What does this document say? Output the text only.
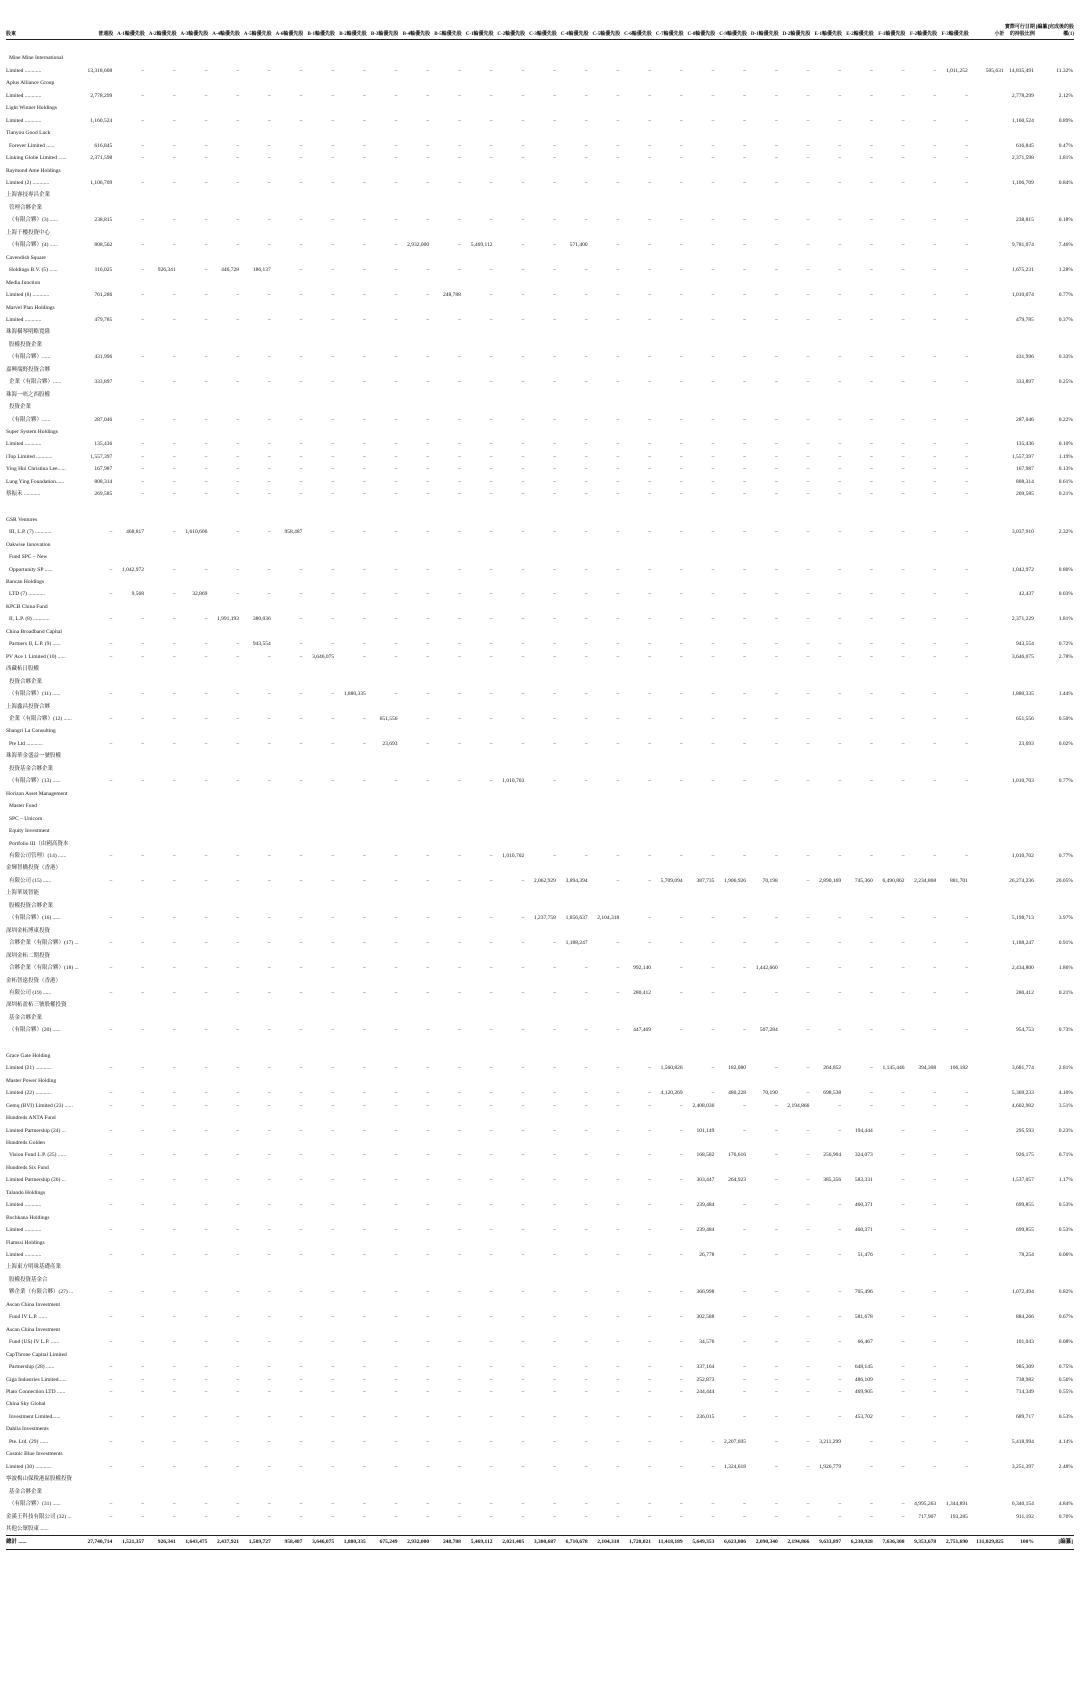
股東	普通股	A-1輪優先股	A-2輪優先股	A-3輪優先股	A-4輪優先股	A-5輪優先股	A-6輪優先股	B-1輪優先股	B-2輪優先股	B-3輪優先股	B-4輪優先股	B-5輪優先股	C-1輪優先股	C-2輪優先股	C-3輪優先股	C-4輪優先股	C-5輪優先股	C-6輪優先股	C-7輪優先股	C-8輪優先股	C-9輪優先股	D-1輪優先股	D-2輪優先股	E-1輪優先股	E-2輪優先股	F-1輪優先股	F-2輪優先股	F-3輪優先股	小計	實際可行日期的持股比例	[編纂]完成後的股權(1)

Mine Mine International																															
Limited ............	13,318,608	–	–	–	–	–	–	–	–	–	–	–	–	–	–	–	–	–	–	–	–	–	–	–	–	–	–	1,011,252	505,631	14,835,491	11.32%
Aplus Alliance Group																															
Limited ............	2,778,299	–	–	–	–	–	–	–	–	–	–	–	–	–	–	–	–	–	–	–	–	–	–	–	–	–	–	–		2,778,299	2.12%
Light Winner Holdings																															
Limited ............	1,160,524	–	–	–	–	–	–	–	–	–	–	–	–	–	–	–	–	–	–	–	–	–	–	–	–	–	–	–		1,160,524	0.89%
Tianyou Good Luck																															
Forever Limited ......	616,845	–	–	–	–	–	–	–	–	–	–	–	–	–	–	–	–	–	–	–	–	–	–	–	–	–	–	–		616,845	0.47%
Linking Globe Limited ......	2,371,598	–	–	–	–	–	–	–	–	–	–	–	–	–	–	–	–	–	–	–	–	–	–	–	–	–	–	–		2,371,598	1.81%
Raymond Ame Holdings																															
Limited (2) ............	1,106,709	–	–	–	–	–	–	–	–	–	–	–	–	–	–	–	–	–	–	–	–	–	–	–	–	–	–	–		1,106,709	0.84%
上海睿技專昌企業																															
管理合夥企業																															
（有限合夥）(3) ......	238,815	–	–	–	–	–	–	–	–	–	–	–	–	–	–	–	–	–	–	–	–	–	–	–	–	–	–	–		238,815	0.18%
上海千樓投資中心																															
（有限合夥）(4) ......	808,562	–	–	–	–	–	–	–	–	–	2,932,000	–	5,469,112	–	–	571,400	–	–	–	–	–	–	–	–	–	–	–	–		9,781,074	7.46%
Cavendish Square																															
Holdings B.V. (5) ......	116,025	–	926,341	–	446,728	186,137	–	–	–	–	–	–	–	–	–	–	–	–	–	–	–	–	–	–	–	–	–	–		1,675,231	1.28%
Media Junction																															
Limited (6) ............	761,286	–	–	–	–	–	–	–	–	–	–	248,788	–	–	–	–	–	–	–	–	–	–	–	–	–	–	–	–		1,010,074	0.77%
Marvel Plan Holdings																															
Limited ............	479,785	–	–	–	–	–	–	–	–	–	–	–	–	–	–	–	–	–	–	–	–	–	–	–	–	–	–	–		479,785	0.37%
珠海橫琴明略寬隆																															
股權投資企業																															
（有限合夥）......	431,996	–	–	–	–	–	–	–	–	–	–	–	–	–	–	–	–	–	–	–	–	–	–	–	–	–	–	–		431,996	0.33%
嘉興端野投資合夥																															
企業（有限合夥）......	333,897	–	–	–	–	–	–	–	–	–	–	–	–	–	–	–	–	–	–	–	–	–	–	–	–	–	–	–		333,897	0.25%
珠海一唔之西股權																															
投資企業																															
（有限合夥）......	287,046	–	–	–	–	–	–	–	–	–	–	–	–	–	–	–	–	–	–	–	–	–	–	–	–	–	–	–		287,046	0.22%
Super System Holdings																															
Limited ............	135,436	–	–	–	–	–	–	–	–	–	–	–	–	–	–	–	–	–	–	–	–	–	–	–	–	–	–	–		135,436	0.10%
iTop Limited ............	1,557,397	–	–	–	–	–	–	–	–	–	–	–	–	–	–	–	–	–	–	–	–	–	–	–	–	–	–	–		1,557,397	1.19%
Ying Hui Christina Lee......	167,987	–	–	–	–	–	–	–	–	–	–	–	–	–	–	–	–	–	–	–	–	–	–	–	–	–	–	–		167,987	0.13%
Lung Ying Foundation......	808,314	–	–	–	–	–	–	–	–	–	–	–	–	–	–	–	–	–	–	–	–	–	–	–	–	–	–	–		808,314	0.61%
蔡振禾 ............	269,585	–	–	–	–	–	–	–	–	–	–	–	–	–	–	–	–	–	–	–	–	–	–	–	–	–	–	–		269,585	0.21%

GSR Ventures																															
III, L.P. (7) ............	–	468,817	–	1,610,606	–	–	958,487	–	–	–	–	–	–	–	–	–	–	–	–	–	–	–	–	–	–	–	–	–		3,037,910	2.32%
Oakwise Innovation																															
Fund SPC – New																															
Opportunity SP ......	–	1,042,972	–	–	–	–	–	–	–	–	–	–	–	–	–	–	–	–	–	–	–	–	–	–	–	–	–	–		1,042,972	0.80%
Bancan Holdings																															
LTD (7) ............	–	9,568	–	32,869	–	–	–	–	–	–	–	–	–	–	–	–	–	–	–	–	–	–	–	–	–	–	–	–		42,437	0.03%
KPCB China Fund																															
II, L.P. (8) ............	–	–	–	–	1,991,193	380,036	–	–	–	–	–	–	–	–	–	–	–	–	–	–	–	–	–	–	–	–	–	–		2,371,229	1.81%
China Broadband Capital																															
Partners II, L.P. (9) ......	–	–	–	–	–	943,554	–	–	–	–	–	–	–	–	–	–	–	–	–	–	–	–	–	–	–	–	–	–		943,554	0.72%
PV Ace 1 Limited (10) ......	–	–	–	–	–	–	–	3,646,075	–	–	–	–	–	–	–	–	–	–	–	–	–	–	–	–	–	–	–	–		3,646,075	2.78%
西藏柘日股權																															
投資合夥企業																															
（有限合夥）(11) ......	–	–	–	–	–	–	–	–	1,880,335	–	–	–	–	–	–	–	–	–	–	–	–	–	–	–	–	–	–	–		1,880,335	1.44%
上海鑫昌投資合夥																															
企業（有限合夥）(12) ......	–	–	–	–	–	–	–	–	–	651,556	–	–	–	–	–	–	–	–	–	–	–	–	–	–	–	–	–	–		651,556	0.50%
Shangri La Consulting																															
Pte Ltd ............	–	–	–	–	–	–	–	–	–	23,693	–	–	–	–	–	–	–	–	–	–	–	–	–	–	–	–	–	–		23,693	0.02%
珠海華金盛益一號股權																															
投資基金合夥企業																															
（有限合夥）(13) ......	–	–	–	–	–	–	–	–	–	–	–	–	–	1,010,703	–	–	–	–	–	–	–	–	–	–	–	–	–	–		1,010,703	0.77%
Horizon Asset Management																															
Master Fund																															
SPC – Unicorn																															
Equity Investment																															
Portfolio III（由國高資本																															
有限公司管理）(14) ......	–	–	–	–	–	–	–	–	–	–	–	–	–	1,010,702	–	–	–	–	–	–	–	–	–	–	–	–	–	–		1,010,702	0.77%
金輝智橋投資（香港）																															
有限公司 (15) ......	–	–	–	–	–	–	–	–	–	–	–	–	–	–	2,062,929	3,894,394	–	–	5,709,094	387,735	1,906,926	70,198	–	2,890,169	745,360	6,490,862	2,234,868	881,701		26,274,236	20.05%
上海華晟智能																															
股權投資合夥企業																															
（有限合夥）(16) ......	–	–	–	–	–	–	–	–	–	–	–	–	–	–	1,237,758	1,856,637	2,104,318	–	–	–	–	–	–	–	–	–	–	–		5,198,713	3.97%
深圳金柘博東投資																															
合夥企業（有限合夥）(17) ...	–	–	–	–	–	–	–	–	–	–	–	–	–	–	–	1,188,247	–	–	–	–	–	–	–	–	–	–	–	–		1,188,247	0.91%
深圳金柘二期投資																															
合夥企業（有限合夥）(18) ...	–	–	–	–	–	–	–	–	–	–	–	–	–	–	–	–	–	992,140	–	–	–	1,442,660	–	–	–	–	–	–		2,434,800	1.86%
金柘智遠投資（香港）																															
有限公司 (19) ......	–	–	–	–	–	–	–	–	–	–	–	–	–	–	–	–	–	280,412	–	–	–	–	–	–	–	–	–	–		280,412	0.21%
深圳柘盈柘三號股權投資																															
基金合夥企業																															
（有限合夥）(20) ......	–	–	–	–	–	–	–	–	–	–	–	–	–	–	–	–	–	447,469	–	–	–	507,284	–	–	–	–	–	–		954,753	0.73%

Grace Gate Holding																															
Limited (21) ............	–	–	–	–	–	–	–	–	–	–	–	–	–	–	–	–	–	–	1,560,826	–	182,080	–	–	264,852	–	1,145,446	394,308	106,182		3,681,774	2.81%
Master Power Holding																															
Limited (22) ............	–	–	–	–	–	–	–	–	–	–	–	–	–	–	–	–	–	–	4,120,269	–	480,228	70,190	–	698,538	–	–	–	–		5,369,233	4.10%
Gemq (BVI) Limited (23) ......	–	–	–	–	–	–	–	–	–	–	–	–	–	–	–	–	–	–	–	2,408,036	–	–	2,194,866	–	–	–	–	–		4,602,902	3.51%
Hundreds ANTA Fund																															
Limited Partnership (24) ...	–	–	–	–	–	–	–	–	–	–	–	–	–	–	–	–	–	–	–	101,149	–	–	–	–	194,444	–	–	–		295,593	0.23%
Hundreds Golden																															
Vision Fund L.P. (25) ......	–	–	–	–	–	–	–	–	–	–	–	–	–	–	–	–	–	–	–	168,582	176,616	–	–	256,904	324,073	–	–	–		926,175	0.71%
Hundreds Six Fund																															
Limited Partnership (26) ...	–	–	–	–	–	–	–	–	–	–	–	–	–	–	–	–	–	–	–	303,447	264,923	–	–	385,356	583,331	–	–	–		1,537,057	1.17%
Talando Holdings																															
Limited ............	–	–	–	–	–	–	–	–	–	–	–	–	–	–	–	–	–	–	–	239,484	–	–	–	–	460,371	–	–	–		699,855	0.53%
Bochkana Holdings																															
Limited ............	–	–	–	–	–	–	–	–	–	–	–	–	–	–	–	–	–	–	–	239,484	–	–	–	–	460,371	–	–	–		699,855	0.53%
Flamssi Holdings																															
Limited ............	–	–	–	–	–	–	–	–	–	–	–	–	–	–	–	–	–	–	–	26,778	–	–	–	–	51,476	–	–	–		78,254	0.06%
上海東方明珠基礎產業																															
股權投資基金合																															
夥企業（有限合夥）(27) ...	–	–	–	–	–	–	–	–	–	–	–	–	–	–	–	–	–	–	–	366,998	–	–	–	–	705,496	–	–	–		1,072,494	0.82%
Ascan China Investment																															
Fund IV L.P. ......	–	–	–	–	–	–	–	–	–	–	–	–	–	–	–	–	–	–	–	302,588	–	–	–	–	581,678	–	–	–		884,266	0.67%
Ascan China Investment																															
Fund (US) IV L.P. ......	–	–	–	–	–	–	–	–	–	–	–	–	–	–	–	–	–	–	–	34,576	–	–	–	–	66,467	–	–	–		101,043	0.08%
CapThrone Capital Limited																															
Partnership (28) ......	–	–	–	–	–	–	–	–	–	–	–	–	–	–	–	–	–	–	–	337,164	–	–	–	–	648,145	–	–	–		985,309	0.75%
Giga Industries Limited......	–	–	–	–	–	–	–	–	–	–	–	–	–	–	–	–	–	–	–	252,873	–	–	–	–	486,109	–	–	–		738,982	0.56%
Plato Connection LTD ......	–	–	–	–	–	–	–	–	–	–	–	–	–	–	–	–	–	–	–	244,444	–	–	–	–	469,905	–	–	–		714,349	0.55%
China Sky Global																															
Investment Limited......	–	–	–	–	–	–	–	–	–	–	–	–	–	–	–	–	–	–	–	236,015	–	–	–	–	453,702	–	–	–		689,717	0.53%
Dahlia Investments																															
Pte. Ltd. (29) ......	–	–	–	–	–	–	–	–	–	–	–	–	–	–	–	–	–	–	–	–	2,207,695	–	–	3,211,299	–	–	–	–		5,418,994	4.14%
Cosmic Blue Investments																															
Limited (30) ............	–	–	–	–	–	–	–	–	–	–	–	–	–	–	–	–	–	–	–	–	1,324,618	–	–	1,926,779	–	–	–	–		3,251,397	2.48%
寧波梅山保稅港區股權投資																															
基金合夥企業																															
（有限合夥）(31) ......	–	–	–	–	–	–	–	–	–	–	–	–	–	–	–	–	–	–	–	–	–	–	–	–	–	–	4,995,263	1,344,891		6,340,154	4.84%
金溪王科技有限公司 (32) ...	–	–	–	–	–	–	–	–	–	–	–	–	–	–	–	–	–	–	–	–	–	–	–	–	–	–	717,907	193,285		911,192	0.70%
其他公眾股東 ......																															
總計 ......	27,740,714	1,521,357	926,341	1,643,475	2,437,921	1,509,727	958,487	3,646,075	1,880,335	675,249	2,932,000	248,788	5,469,112	2,021,405	3,300,687	6,710,678	2,104,318	1,720,021	11,418,189	5,649,353	6,623,086	2,090,340	2,194,866	9,633,897	6,230,928	7,636,308	9,353,678	2,751,690	131,029,825	100%	[編纂]
